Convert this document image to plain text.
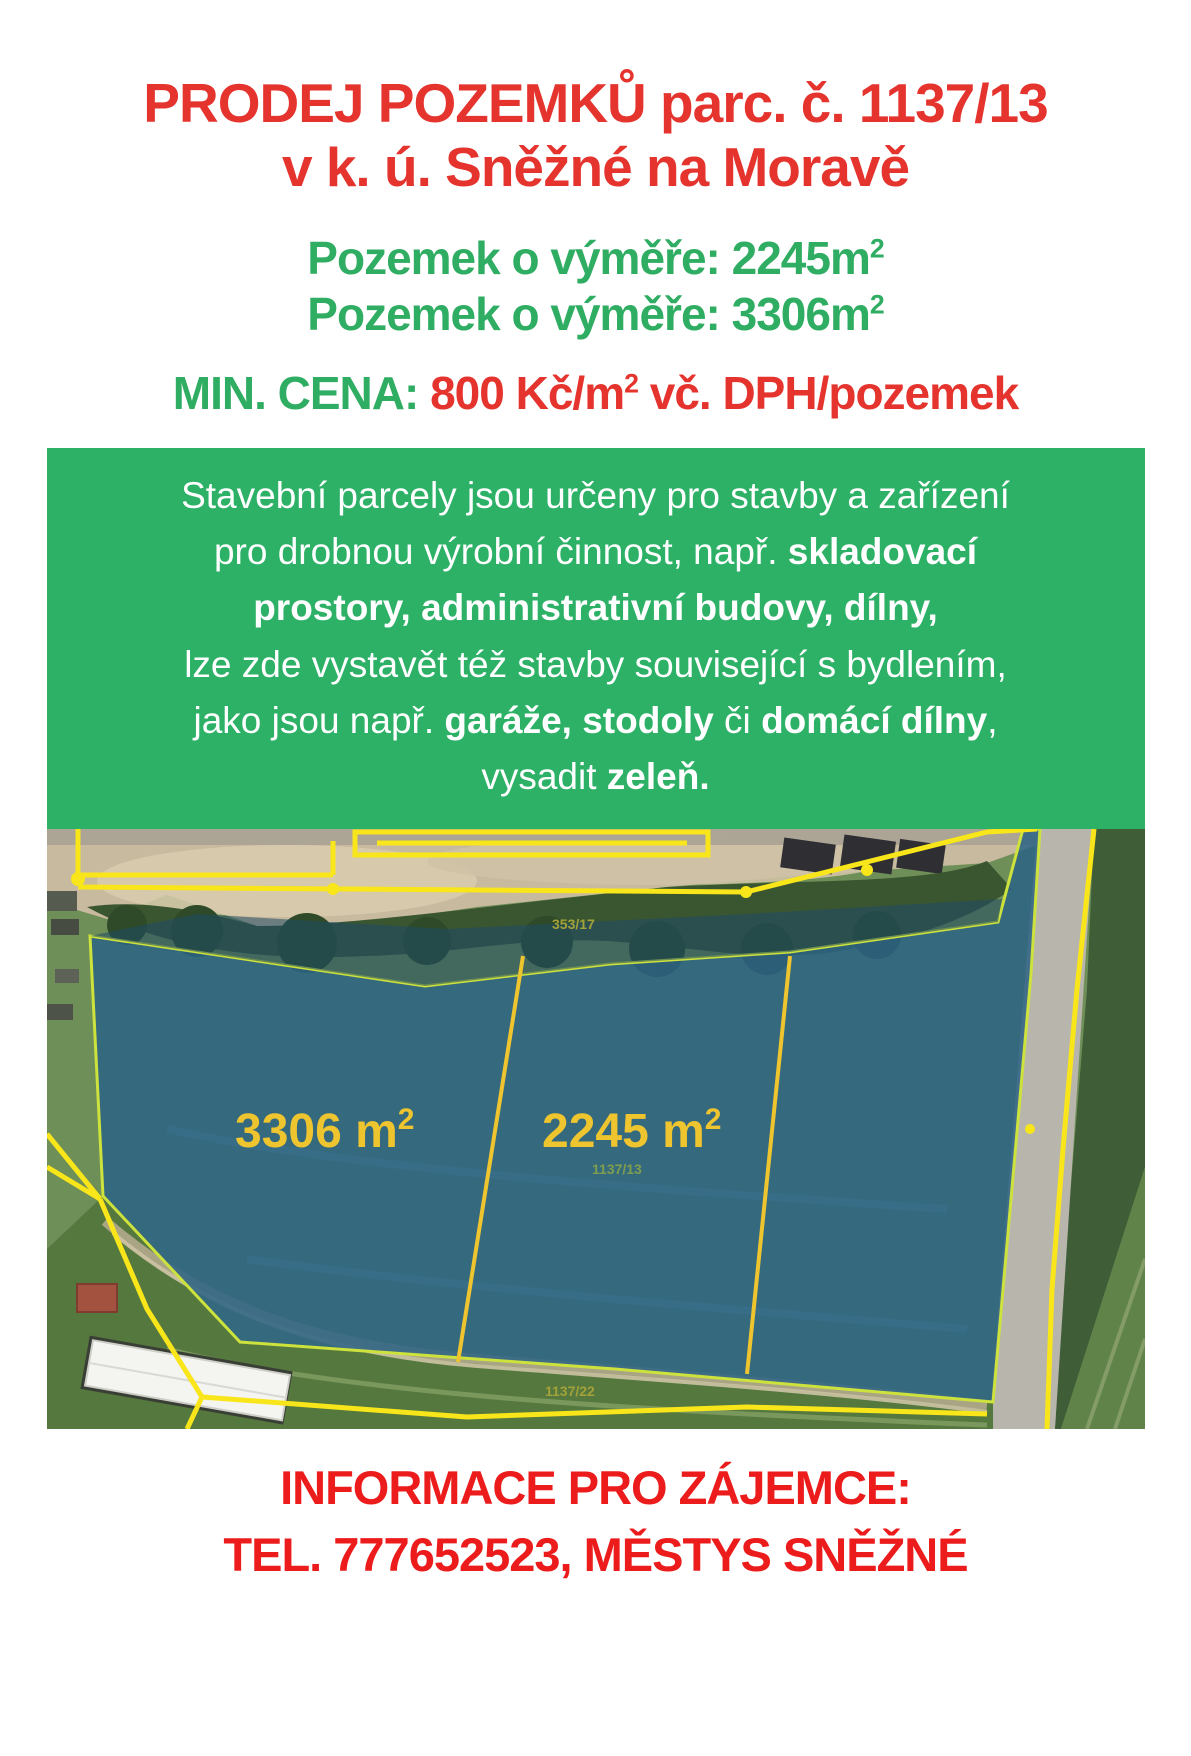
PRODEJ POZEMKŮ parc. č. 1137/13
v k. ú. Sněžné na Moravě
Pozemek o výměře: $2245m^2$
Pozemek o výměře: $3306m^2$
MIN. CENA: 800 $Kč/m^2$ vč. DPH/pozemek
Stavební parcely jsou určeny pro stavby a zařízení
pro drobnou výrobní činnost, např. skladovací
prostory, administrativní budovy, dílny,
lze zde vystavět též stavby související s bydlením,
jako jsou např. garáže, stodoly či domácí dílny,
vysadit zeleň.
3306 $m^2$	2245 $m^2$
353/17
1137/13
1137/22
INFORMACE PRO ZÁJEMCE:
TEL. 777652523, MĚSTYS SNĚŽNÉ
